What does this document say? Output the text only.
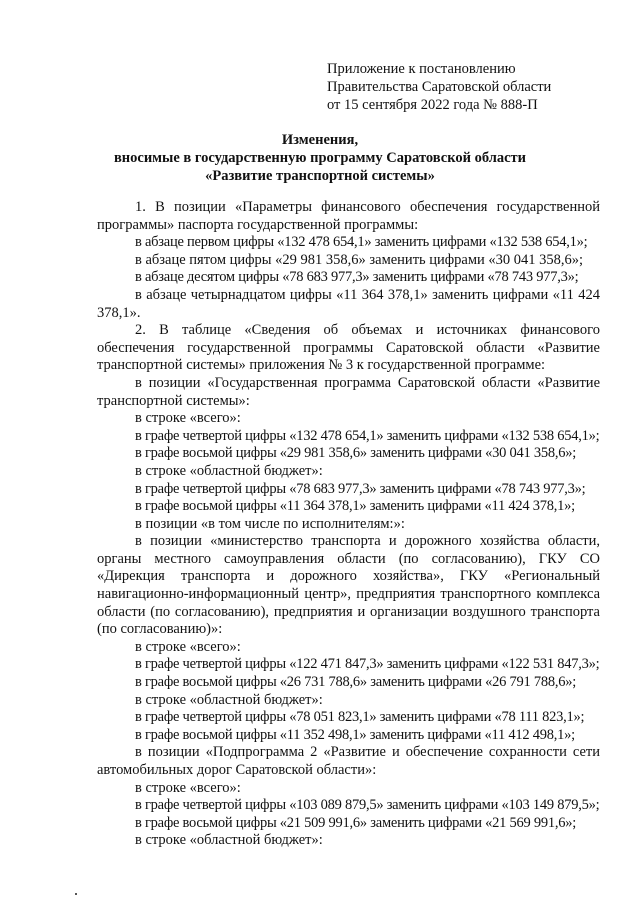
Приложение к постановлению
Правительства Саратовской области
от 15 сентября 2022 года № 888-П
Изменения,
вносимые в государственную программу Саратовской области
«Развитие транспортной системы»

1. В позиции «Параметры финансового обеспечения государственной программы» паспорта государственной программы:

в абзаце первом цифры «132 478 654,1» заменить цифрами «132 538 654,1»;

в абзаце пятом цифры «29 981 358,6» заменить цифрами «30 041 358,6»;

в абзаце десятом цифры «78 683 977,3» заменить цифрами «78 743 977,3»;

в абзаце четырнадцатом цифры «11 364 378,1» заменить цифрами «11 424 378,1».

2. В таблице «Сведения об объемах и источниках финансового обеспечения государственной программы Саратовской области «Развитие транспортной системы» приложения № 3 к государственной программе:

в позиции «Государственная программа Саратовской области «Развитие транспортной системы»:

в строке «всего»:

в графе четвертой цифры «132 478 654,1» заменить цифрами «132 538 654,1»;

в графе восьмой цифры «29 981 358,6» заменить цифрами «30 041 358,6»;

в строке «областной бюджет»:

в графе четвертой цифры «78 683 977,3» заменить цифрами «78 743 977,3»;

в графе восьмой цифры «11 364 378,1» заменить цифрами «11 424 378,1»;

в позиции «в том числе по исполнителям:»:

в позиции «министерство транспорта и дорожного хозяйства области, органы местного самоуправления области (по согласованию), ГКУ СО «Дирекция транспорта и дорожного хозяйства», ГКУ «Региональный навигационно-информационный центр», предприятия транспортного комплекса области (по согласованию), предприятия и организации воздушного транспорта (по согласованию)»:

в строке «всего»:

в графе четвертой цифры «122 471 847,3» заменить цифрами «122 531 847,3»;

в графе восьмой цифры «26 731 788,6» заменить цифрами «26 791 788,6»;

в строке «областной бюджет»:

в графе четвертой цифры «78 051 823,1» заменить цифрами «78 111 823,1»;

в графе восьмой цифры «11 352 498,1» заменить цифрами «11 412 498,1»;

в позиции «Подпрограмма 2 «Развитие и обеспечение сохранности сети автомобильных дорог Саратовской области»:

в строке «всего»:

в графе четвертой цифры «103 089 879,5» заменить цифрами «103 149 879,5»;

в графе восьмой цифры «21 509 991,6» заменить цифрами «21 569 991,6»;

в строке «областной бюджет»:
